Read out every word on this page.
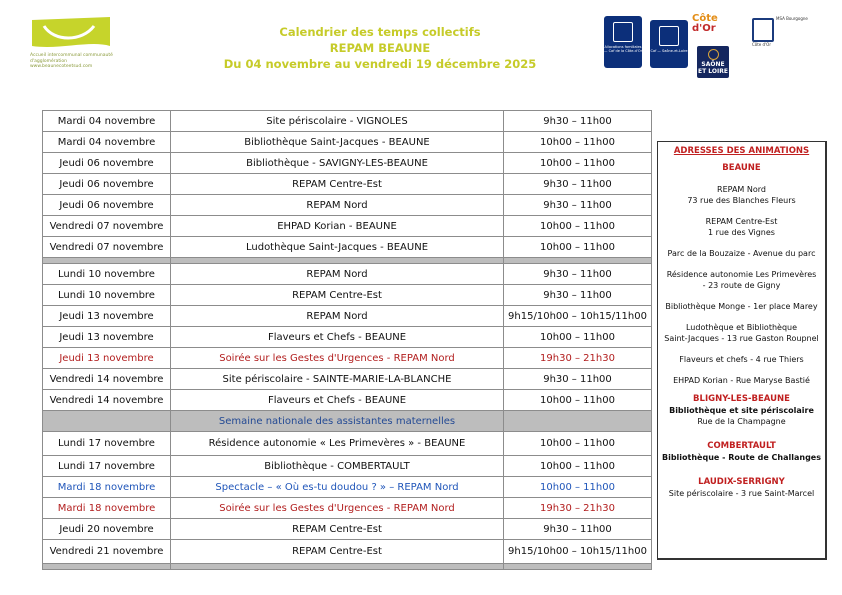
Accueil intercommunal communauté d'agglomération www.beaunecoteetsud.com
Calendrier des temps collectifs
REPAM BEAUNE
Du 04 novembre au vendredi 19 décembre 2025
Allocations familiales — Caf de la Côte-d'Or Caf — Saône-et-Loire
Côte
d'Or
SAÔNE ET LOIRE
MSA Bourgogne
Côte d'Or
Mardi 04 novembre	Site périscolaire - VIGNOLES	9h30 – 11h00
Mardi 04 novembre	Bibliothèque Saint-Jacques - BEAUNE	10h00 – 11h00
Jeudi 06 novembre	Bibliothèque - SAVIGNY-LES-BEAUNE	10h00 – 11h00
Jeudi 06 novembre	REPAM Centre-Est	9h30 – 11h00
Jeudi 06 novembre	REPAM Nord	9h30 – 11h00
Vendredi 07 novembre	EHPAD Korian - BEAUNE	10h00 – 11h00
Vendredi 07 novembre	Ludothèque Saint-Jacques - BEAUNE	10h00 – 11h00

Lundi 10 novembre	REPAM Nord	9h30 – 11h00
Lundi 10 novembre	REPAM Centre-Est	9h30 – 11h00
Jeudi 13 novembre	REPAM Nord	9h15/10h00 – 10h15/11h00
Jeudi 13 novembre	Flaveurs et Chefs - BEAUNE	10h00 – 11h00
Jeudi 13 novembre	Soirée sur les Gestes d'Urgences - REPAM Nord	19h30 – 21h30
Vendredi 14 novembre	Site périscolaire - SAINTE-MARIE-LA-BLANCHE	9h30 – 11h00
Vendredi 14 novembre	Flaveurs et Chefs - BEAUNE	10h00 – 11h00
	Semaine nationale des assistantes maternelles	
Lundi 17 novembre	Résidence autonomie « Les Primevères » - BEAUNE	10h00 – 11h00
Lundi 17 novembre	Bibliothèque - COMBERTAULT	10h00 – 11h00
Mardi 18 novembre	Spectacle – « Où es-tu doudou ? » – REPAM Nord	10h00 – 11h00
Mardi 18 novembre	Soirée sur les Gestes d'Urgences - REPAM Nord	19h30 – 21h30
Jeudi 20 novembre	REPAM Centre-Est	9h30 – 11h00
Vendredi 21 novembre	REPAM Centre-Est	9h15/10h00 – 10h15/11h00

ADRESSES DES ANIMATIONS
BEAUNE
REPAM Nord
73 rue des Blanches Fleurs
REPAM Centre-Est
1 rue des Vignes
Parc de la Bouzaize - Avenue du parc
Résidence autonomie Les Primevères
- 23 route de Gigny
Bibliothèque Monge - 1er place Marey
Ludothèque et Bibliothèque
Saint-Jacques - 13 rue Gaston Roupnel
Flaveurs et chefs - 4 rue Thiers
EHPAD Korian - Rue Maryse Bastié
BLIGNY-LES-BEAUNE
Bibliothèque et site périscolaire
Rue de la Champagne
COMBERTAULT
Bibliothèque - Route de Challanges
LAUDIX-SERRIGNY
Site périscolaire - 3 rue Saint-Marcel
